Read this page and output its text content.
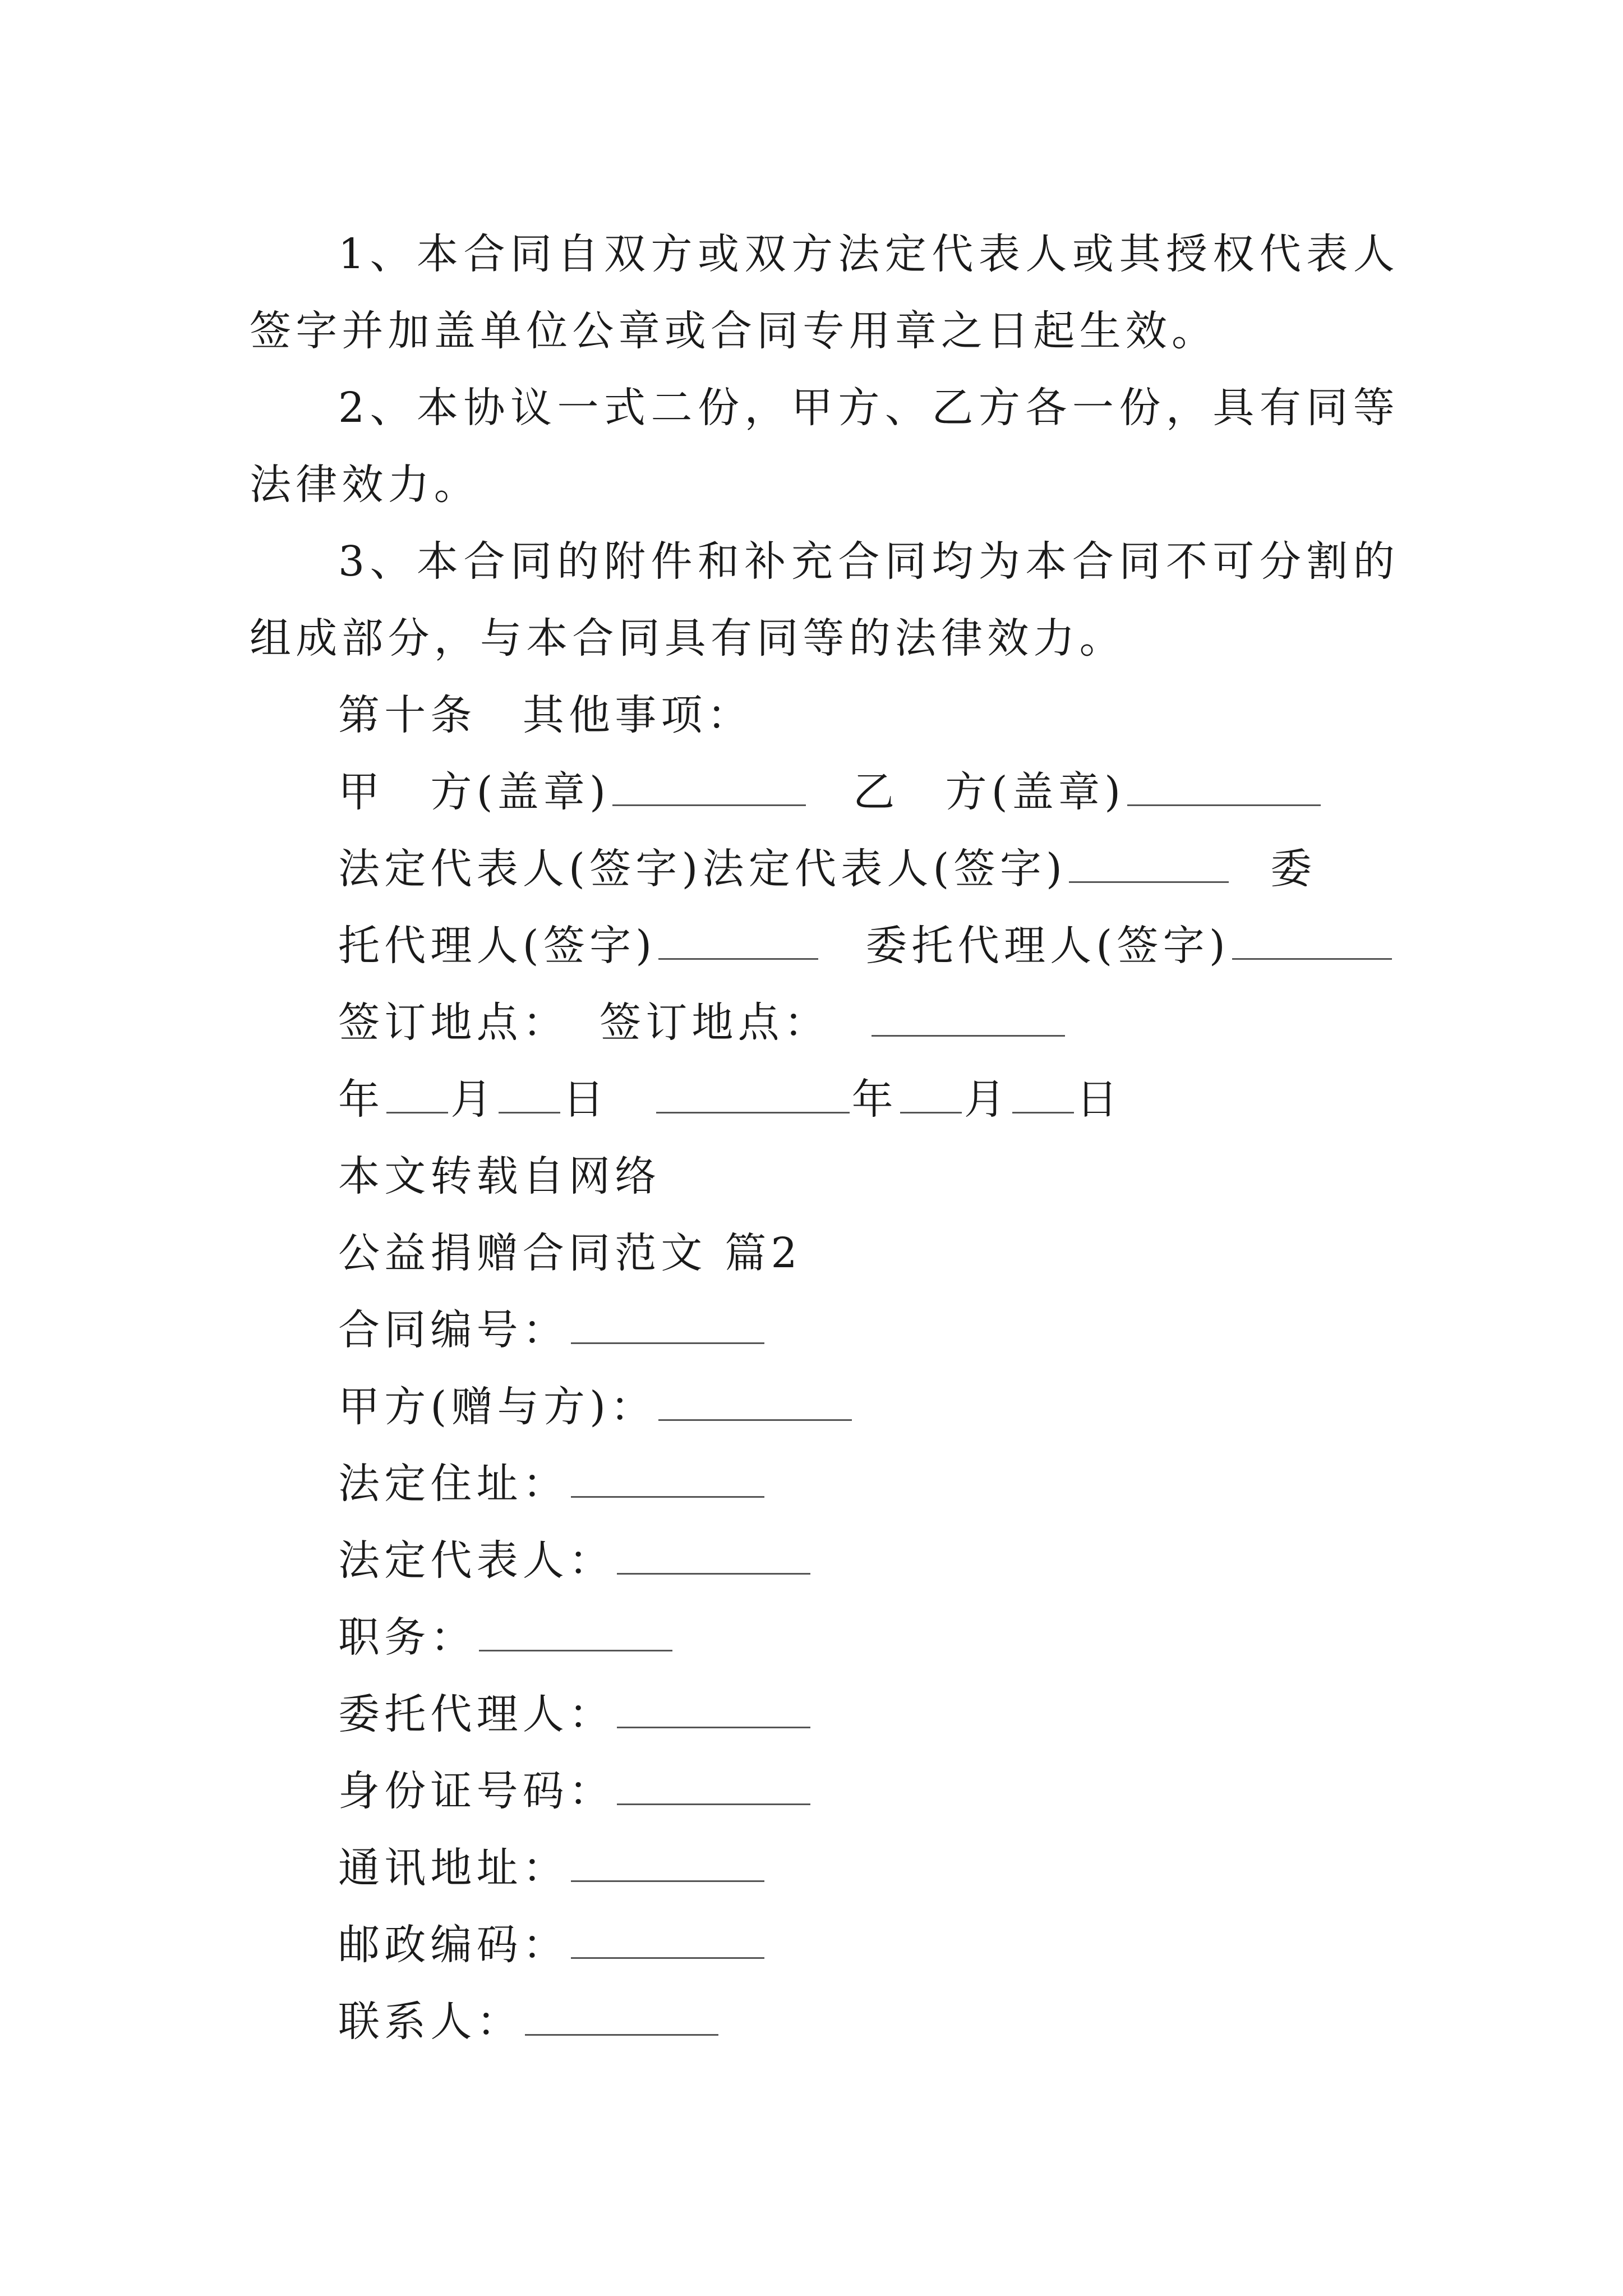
1、本合同自双方或双方法定代表人或其授权代表人签字并加盖单位公章或合同专用章之日起生效。

2、本协议一式二份，甲方、乙方各一份，具有同等法律效力。

3、本合同的附件和补充合同均为本合同不可分割的组成部分，与本合同具有同等的法律效力。

第十条　其他事项：
甲　方(盖章)	乙　方(盖章)
法定代表人(签字)法定代表人(签字)	委
托代理人(签字)	委托代理人(签字)
签订地点： 签订地点：
年 月 日	年 月 日
本文转载自网络
公益捐赠合同范文 篇2
合同编号：
甲方(赠与方)：
法定住址：
法定代表人：
职务：
委托代理人：
身份证号码：
通讯地址：
邮政编码：
联系人：
